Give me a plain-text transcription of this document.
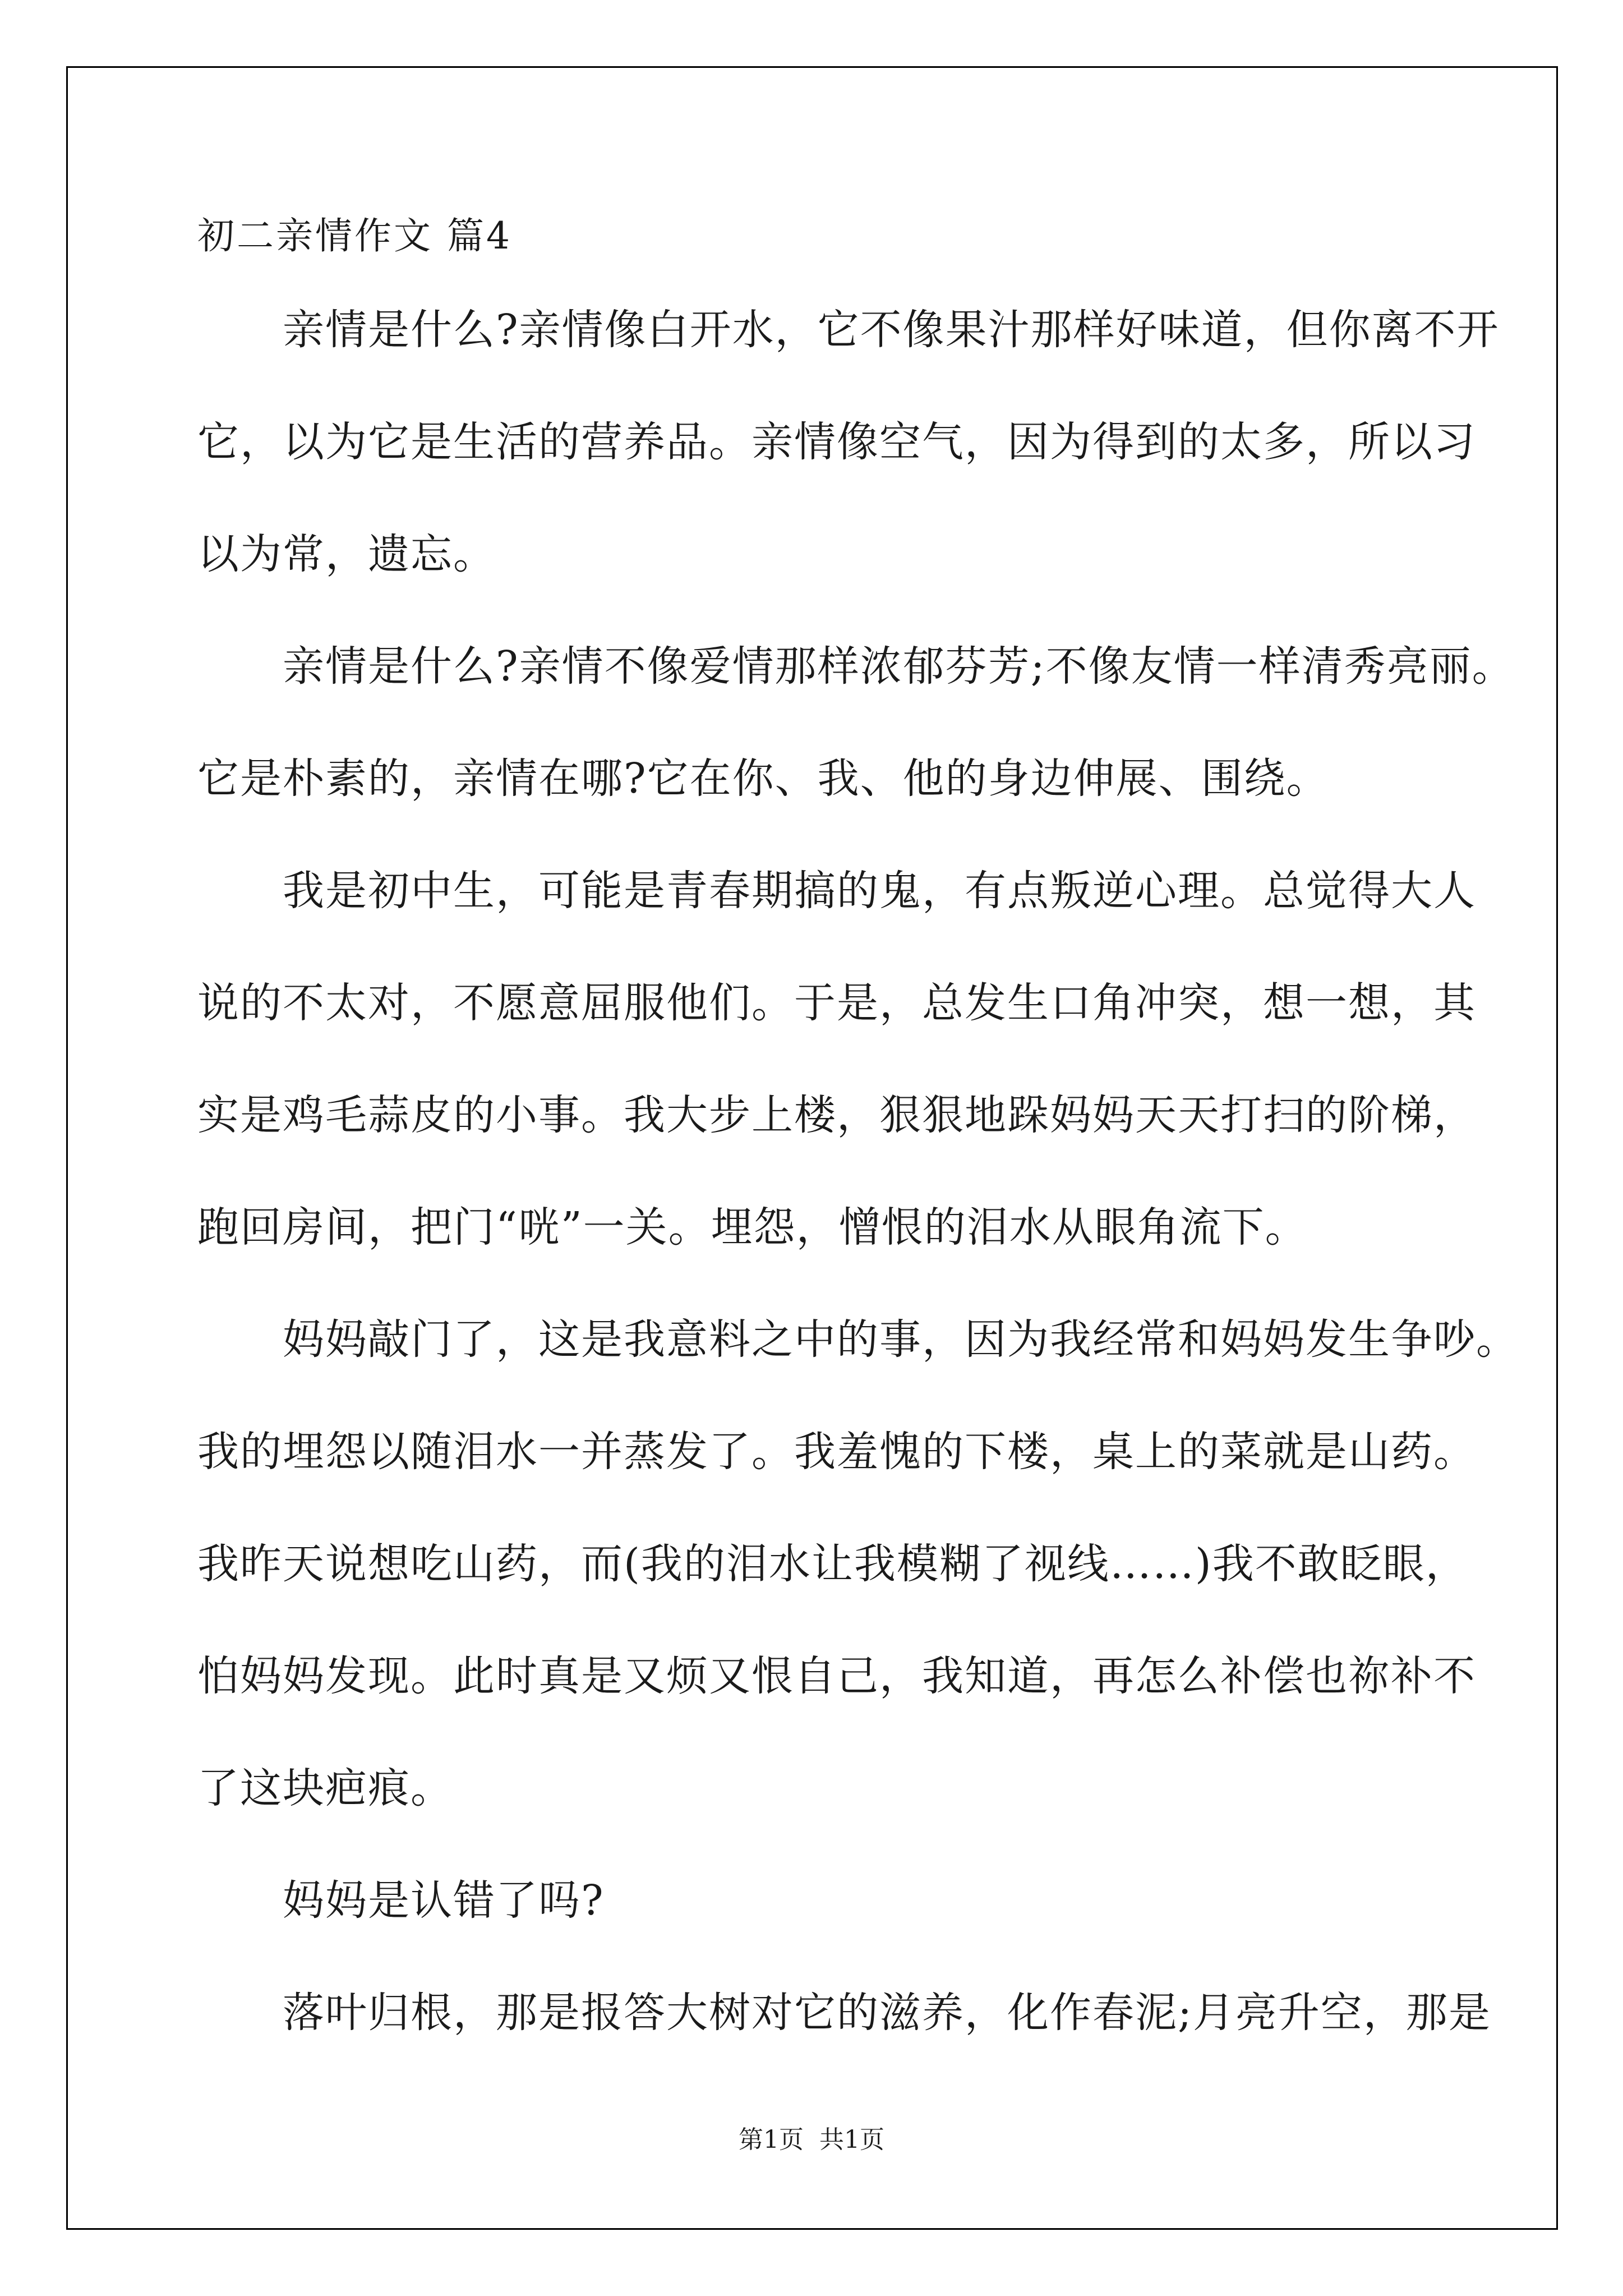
初二亲情作文 篇4

　　亲情是什么?亲情像白开水，它不像果汁那样好味道，但你离不开

它，以为它是生活的营养品。亲情像空气，因为得到的太多，所以习

以为常，遗忘。

　　亲情是什么?亲情不像爱情那样浓郁芬芳;不像友情一样清秀亮丽。

它是朴素的，亲情在哪?它在你、我、他的身边伸展、围绕。

　　我是初中生，可能是青春期搞的鬼，有点叛逆心理。总觉得大人

说的不太对，不愿意屈服他们。于是，总发生口角冲突，想一想，其

实是鸡毛蒜皮的小事。我大步上楼，狠狠地跺妈妈天天打扫的阶梯，

跑回房间，把门“咣”一关。埋怨，憎恨的泪水从眼角流下。

　　妈妈敲门了，这是我意料之中的事，因为我经常和妈妈发生争吵。

我的埋怨以随泪水一并蒸发了。我羞愧的下楼，桌上的菜就是山药。

我昨天说想吃山药，而(我的泪水让我模糊了视线……)我不敢眨眼，

怕妈妈发现。此时真是又烦又恨自己，我知道，再怎么补偿也祢补不

了这块疤痕。

　　妈妈是认错了吗?

　　落叶归根，那是报答大树对它的滋养，化作春泥;月亮升空，那是

第1页  共1页
